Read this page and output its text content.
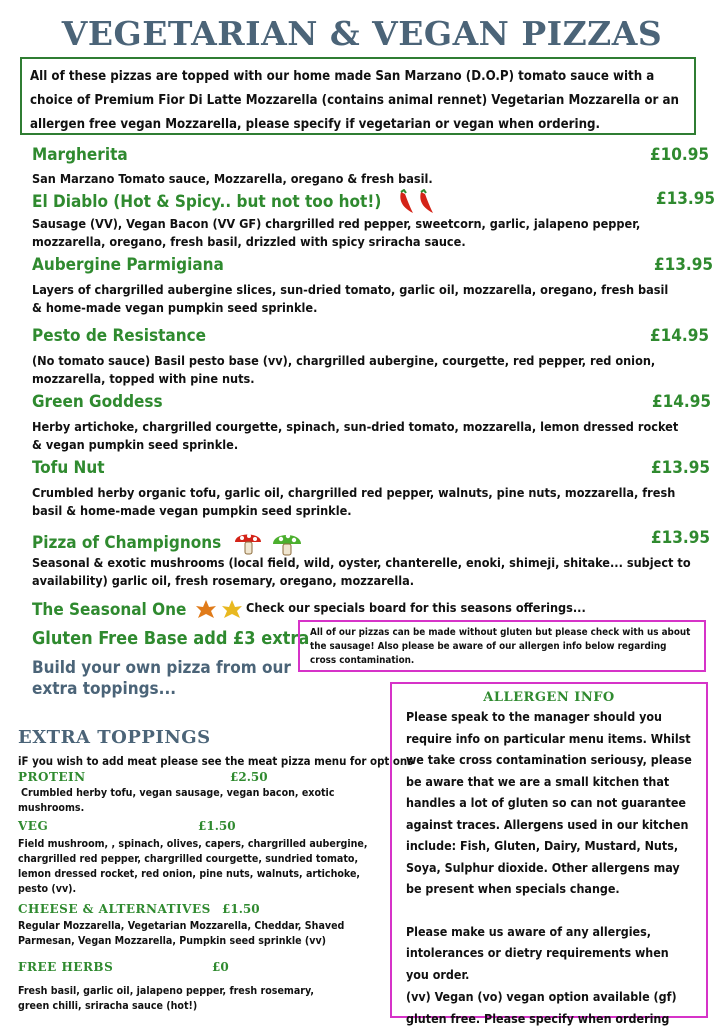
VEGETARIAN & VEGAN PIZZAS
All of these pizzas are topped with our home made San Marzano (D.O.P) tomato sauce with a choice of Premium Fior Di Latte Mozzarella (contains animal rennet) Vegetarian Mozzarella or an allergen free vegan Mozzarella, please specify if vegetarian or vegan when ordering.
Margherita	£10.95
San Marzano Tomato sauce, Mozzarella, oregano & fresh basil.
El Diablo (Hot & Spicy.. but not too hot!)	£13.95
Sausage (VV), Vegan Bacon (VV GF) chargrilled red pepper, sweetcorn, garlic, jalapeno pepper, mozzarella, oregano, fresh basil, drizzled with spicy sriracha sauce.
Aubergine Parmigiana	£13.95
Layers of chargrilled aubergine slices, sun-dried tomato, garlic oil, mozzarella, oregano, fresh basil & home-made vegan pumpkin seed sprinkle.
Pesto de Resistance	£14.95
(No tomato sauce) Basil pesto base (vv), chargrilled aubergine, courgette, red pepper, red onion, mozzarella, topped with pine nuts.
Green Goddess	£14.95
Herby artichoke, chargrilled courgette, spinach, sun-dried tomato, mozzarella, lemon dressed rocket & vegan pumpkin seed sprinkle.
Tofu Nut	£13.95
Crumbled herby organic tofu, garlic oil, chargrilled red pepper, walnuts, pine nuts, mozzarella, fresh basil & home-made vegan pumpkin seed sprinkle.
Pizza of Champignons	£13.95
Seasonal & exotic mushrooms (local field, wild, oyster, chanterelle, enoki, shimeji, shitake... subject to availability) garlic oil, fresh rosemary, oregano, mozzarella.
The Seasonal One	Check our specials board for this seasons offerings...
Gluten Free Base add £3 extra All of our pizzas can be made without gluten but please check with us about the sausage! Also please be aware of our allergen info below regarding cross contamination.
Build your own pizza from our extra toppings...
EXTRA TOPPINGS
iF you wish to add meat please see the meat pizza menu for options
PROTEIN	£2.50
Crumbled herby tofu, vegan sausage, vegan bacon, exotic mushrooms.
VEG	£1.50
Field mushroom, , spinach, olives, capers, chargrilled aubergine, chargrilled red pepper, chargrilled courgette, sundried tomato, lemon dressed rocket, red onion, pine nuts, walnuts, artichoke, pesto (vv).
CHEESE & ALTERNATIVES £1.50
Regular Mozzarella, Vegetarian Mozzarella, Cheddar, Shaved Parmesan, Vegan Mozzarella, Pumpkin seed sprinkle (vv)
FREE HERBS	£0
Fresh basil, garlic oil, jalapeno pepper, fresh rosemary, green chilli, sriracha sauce (hot!)
ALLERGEN INFO
Please speak to the manager should you require info on particular menu items. Whilst we take cross contamination seriousy, please be aware that we are a small kitchen that handles a lot of gluten so can not guarantee against traces. Allergens used in our kitchen include: Fish, Gluten, Dairy, Mustard, Nuts, Soya, Sulphur dioxide. Other allergens may be present when specials change.
Please make us aware of any allergies, intolerances or dietry requirements when you order.
(vv) Vegan (vo) vegan option available (gf) gluten free. Please specify when ordering
